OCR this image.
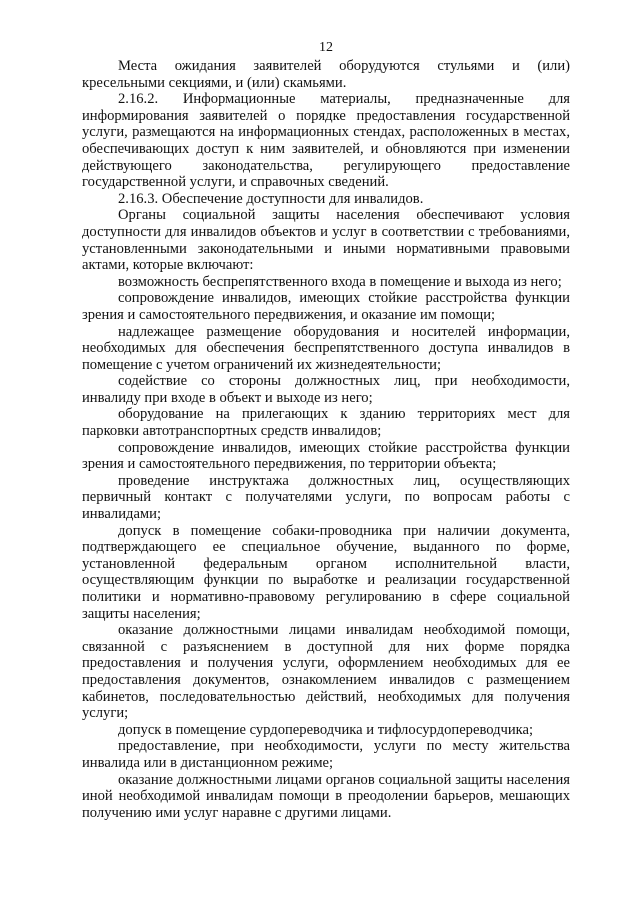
12

Места ожидания заявителей оборудуются стульями и (или) кресельными секциями, и (или) скамьями.

2.16.2. Информационные материалы, предназначенные для информирования заявителей о порядке предоставления государственной услуги, размещаются на информационных стендах, расположенных в местах, обеспечивающих доступ к ним заявителей, и обновляются при изменении действующего законодательства, регулирующего предоставление государственной услуги, и справочных сведений.

2.16.3. Обеспечение доступности для инвалидов.

Органы социальной защиты населения обеспечивают условия доступности для инвалидов объектов и услуг в соответствии с требованиями, установленными законодательными и иными нормативными правовыми актами, которые включают:

возможность беспрепятственного входа в помещение и выхода из него;

сопровождение инвалидов, имеющих стойкие расстройства функции зрения и самостоятельного передвижения, и оказание им помощи;

надлежащее размещение оборудования и носителей информации, необходимых для обеспечения беспрепятственного доступа инвалидов в помещение с учетом ограничений их жизнедеятельности;

содействие со стороны должностных лиц, при необходимости, инвалиду при входе в объект и выходе из него;

оборудование на прилегающих к зданию территориях мест для парковки автотранспортных средств инвалидов;

сопровождение инвалидов, имеющих стойкие расстройства функции зрения и самостоятельного передвижения, по территории объекта;

проведение инструктажа должностных лиц, осуществляющих первичный контакт с получателями услуги, по вопросам работы с инвалидами;

допуск в помещение собаки-проводника при наличии документа, подтверждающего ее специальное обучение, выданного по форме, установленной федеральным органом исполнительной власти, осуществляющим функции по выработке и реализации государственной политики и нормативно-правовому регулированию в сфере социальной защиты населения;

оказание должностными лицами инвалидам необходимой помощи, связанной с разъяснением в доступной для них форме порядка предоставления и получения услуги, оформлением необходимых для ее предоставления документов, ознакомлением инвалидов с размещением кабинетов, последовательностью действий, необходимых для получения услуги;

допуск в помещение сурдопереводчика и тифлосурдопереводчика;

предоставление, при необходимости, услуги по месту жительства инвалида или в дистанционном режиме;

оказание должностными лицами органов социальной защиты населения иной необходимой инвалидам помощи в преодолении барьеров, мешающих получению ими услуг наравне с другими лицами.
